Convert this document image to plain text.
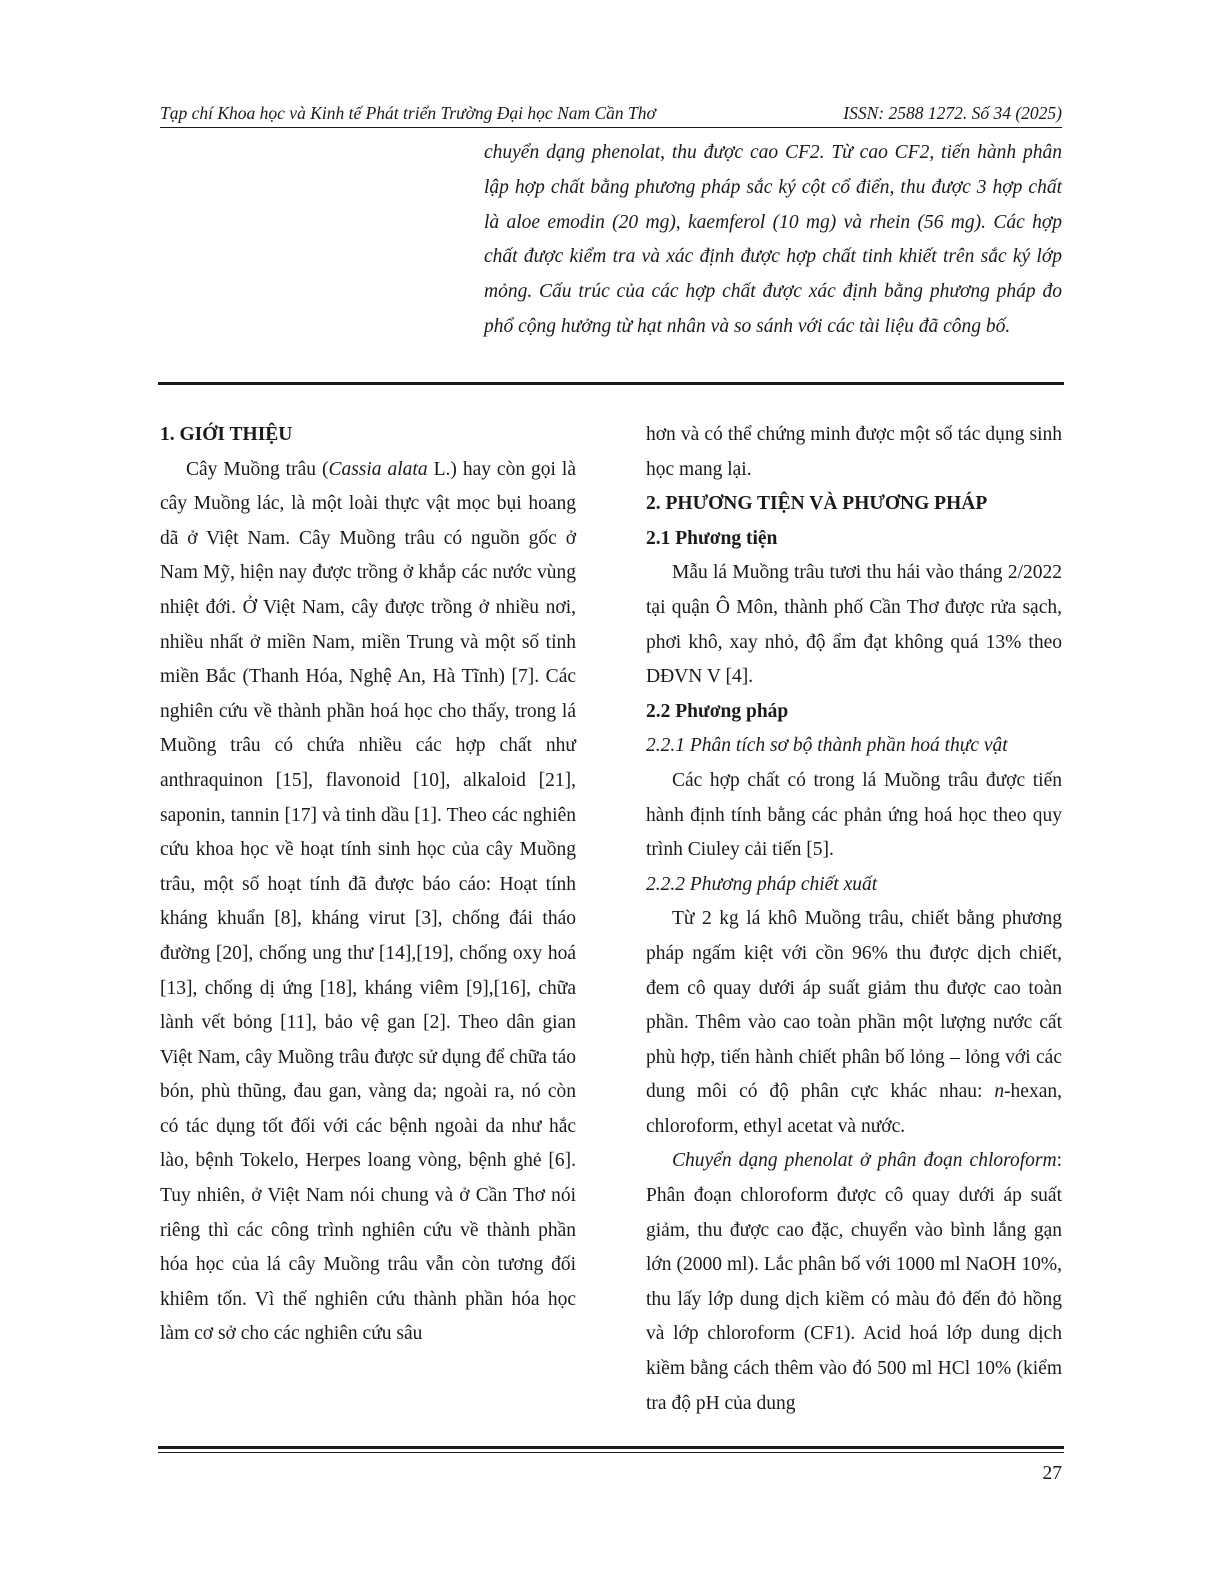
Tạp chí Khoa học và Kinh tế Phát triển Trường Đại học Nam Cần Thơ	ISSN: 2588 1272. Số 34 (2025)
chuyển dạng phenolat, thu được cao CF2. Từ cao CF2, tiến hành phân lập hợp chất bằng phương pháp sắc ký cột cổ điển, thu được 3 hợp chất là aloe emodin (20 mg), kaemferol (10 mg) và rhein (56 mg). Các hợp chất được kiểm tra và xác định được hợp chất tinh khiết trên sắc ký lớp mỏng. Cấu trúc của các hợp chất được xác định bằng phương pháp đo phổ cộng hưởng từ hạt nhân và so sánh với các tài liệu đã công bố.
1. GIỚI THIỆU

Cây Muồng trâu (Cassia alata L.) hay còn gọi là cây Muồng lác, là một loài thực vật mọc bụi hoang dã ở Việt Nam. Cây Muồng trâu có nguồn gốc ở Nam Mỹ, hiện nay được trồng ở khắp các nước vùng nhiệt đới. Ở Việt Nam, cây được trồng ở nhiều nơi, nhiều nhất ở miền Nam, miền Trung và một số tỉnh miền Bắc (Thanh Hóa, Nghệ An, Hà Tĩnh) [7]. Các nghiên cứu về thành phần hoá học cho thấy, trong lá Muồng trâu có chứa nhiều các hợp chất như anthraquinon [15], flavonoid [10], alkaloid [21], saponin, tannin [17] và tinh dầu [1]. Theo các nghiên cứu khoa học về hoạt tính sinh học của cây Muồng trâu, một số hoạt tính đã được báo cáo: Hoạt tính kháng khuẩn [8], kháng virut [3], chống đái tháo đường [20], chống ung thư [14],[19], chống oxy hoá [13], chống dị ứng [18], kháng viêm [9],[16], chữa lành vết bỏng [11], bảo vệ gan [2]. Theo dân gian Việt Nam, cây Muồng trâu được sử dụng để chữa táo bón, phù thũng, đau gan, vàng da; ngoài ra, nó còn có tác dụng tốt đối với các bệnh ngoài da như hắc lào, bệnh Tokelo, Herpes loang vòng, bệnh ghẻ [6]. Tuy nhiên, ở Việt Nam nói chung và ở Cần Thơ nói riêng thì các công trình nghiên cứu về thành phần hóa học của lá cây Muồng trâu vẫn còn tương đối khiêm tốn. Vì thế nghiên cứu thành phần hóa học làm cơ sở cho các nghiên cứu sâu

hơn và có thể chứng minh được một số tác dụng sinh học mang lại.

2. PHƯƠNG TIỆN VÀ PHƯƠNG PHÁP
2.1 Phương tiện

Mẫu lá Muồng trâu tươi thu hái vào tháng 2/2022 tại quận Ô Môn, thành phố Cần Thơ được rửa sạch, phơi khô, xay nhỏ, độ ẩm đạt không quá 13% theo DĐVN V [4].

2.2 Phương pháp
2.2.1 Phân tích sơ bộ thành phần hoá thực vật

Các hợp chất có trong lá Muồng trâu được tiến hành định tính bằng các phản ứng hoá học theo quy trình Ciuley cải tiến [5].

2.2.2 Phương pháp chiết xuất

Từ 2 kg lá khô Muồng trâu, chiết bằng phương pháp ngấm kiệt với cồn 96% thu được dịch chiết, đem cô quay dưới áp suất giảm thu được cao toàn phần. Thêm vào cao toàn phần một lượng nước cất phù hợp, tiến hành chiết phân bố lỏng – lỏng với các dung môi có độ phân cực khác nhau: n-hexan, chloroform, ethyl acetat và nước.

Chuyển dạng phenolat ở phân đoạn chloroform: Phân đoạn chloroform được cô quay dưới áp suất giảm, thu được cao đặc, chuyển vào bình lắng gạn lớn (2000 ml). Lắc phân bố với 1000 ml NaOH 10%, thu lấy lớp dung dịch kiềm có màu đỏ đến đỏ hồng và lớp chloroform (CF1). Acid hoá lớp dung dịch kiềm bằng cách thêm vào đó 500 ml HCl 10% (kiểm tra độ pH của dung

27
